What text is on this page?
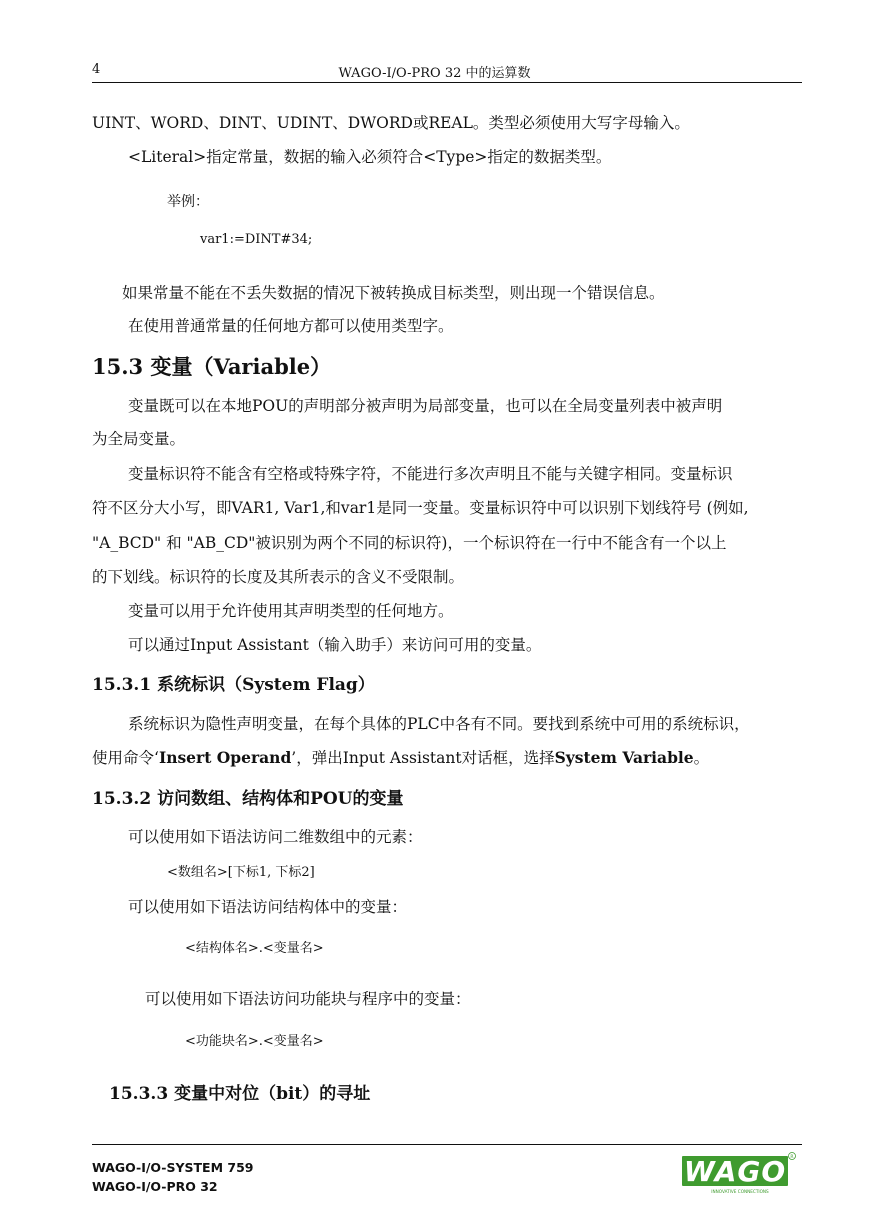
4	WAGO-I/O-PRO 32 中的运算数
UINT、WORD、DINT、UDINT、DWORD或REAL。类型必须使用大写字母输入。
<Literal>指定常量，数据的输入必须符合<Type>指定的数据类型。
举例：
var1:=DINT#34;
如果常量不能在不丢失数据的情况下被转换成目标类型，则出现一个错误信息。
在使用普通常量的任何地方都可以使用类型字。
15.3 变量（Variable）
变量既可以在本地POU的声明部分被声明为局部变量，也可以在全局变量列表中被声明
为全局变量。
变量标识符不能含有空格或特殊字符，不能进行多次声明且不能与关键字相同。变量标识
符不区分大小写，即VAR1, Var1,和var1是同一变量。变量标识符中可以识别下划线符号 (例如,
"A_BCD" 和 "AB_CD"被识别为两个不同的标识符)，一个标识符在一行中不能含有一个以上
的下划线。标识符的长度及其所表示的含义不受限制。
变量可以用于允许使用其声明类型的任何地方。
可以通过Input Assistant（输入助手）来访问可用的变量。
15.3.1 系统标识（System Flag）
系统标识为隐性声明变量，在每个具体的PLC中各有不同。要找到系统中可用的系统标识，
使用命令‘Insert Operand’，弹出Input Assistant对话框，选择System Variable。
15.3.2 访问数组、结构体和POU的变量
可以使用如下语法访问二维数组中的元素：
<数组名>[下标1, 下标2]
可以使用如下语法访问结构体中的变量：
<结构体名>.<变量名>
可以使用如下语法访问功能块与程序中的变量：
<功能块名>.<变量名>
15.3.3 变量中对位（bit）的寻址
WAGO-I/O-SYSTEM 759
WAGO-I/O-PRO 32	WAGO R
INNOVATIVE CONNECTIONS
